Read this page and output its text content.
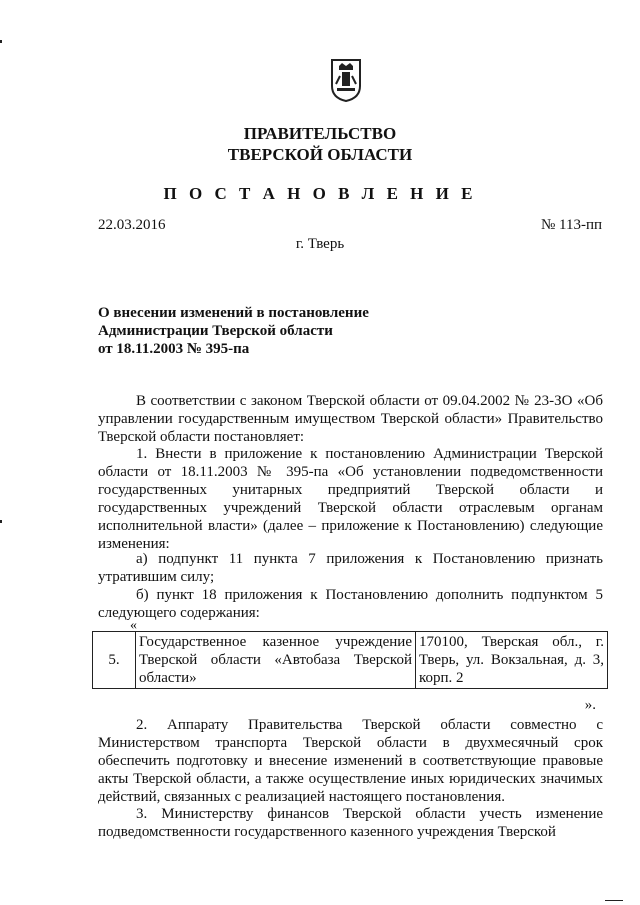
ПРАВИТЕЛЬСТВО
ТВЕРСКОЙ ОБЛАСТИ
П О С Т А Н О В Л Е Н И Е
22.03.2016	№ 113-пп
г. Тверь
О внесении изменений в постановление
Администрации Тверской области
от 18.11.2003 № 395-па
В соответствии с законом Тверской области от 09.04.2002 № 23-ЗО «Об управлении государственным имуществом Тверской области» Правительство Тверской области постановляет:
1. Внести в приложение к постановлению Администрации Тверской области от 18.11.2003 № 395-па «Об установлении подведомственности государственных унитарных предприятий Тверской области и государственных учреждений Тверской области отраслевым органам исполнительной власти» (далее – приложение к Постановлению) следующие изменения:
а) подпункт 11 пункта 7 приложения к Постановлению признать утратившим силу;
б) пункт 18 приложения к Постановлению дополнить подпунктом 5 следующего содержания:
«
5.	Государственное казенное учреждение Тверской области «Автобаза Тверской области»	170100, Тверская обл., г. Тверь, ул. Вокзальная, д. 3, корп. 2
».
2. Аппарату Правительства Тверской области совместно с Министерством транспорта Тверской области в двухмесячный срок обеспечить подготовку и внесение изменений в соответствующие правовые акты Тверской области, а также осуществление иных юридических значимых действий, связанных с реализацией настоящего постановления.
3. Министерству финансов Тверской области учесть изменение подведомственности государственного казенного учреждения Тверской
